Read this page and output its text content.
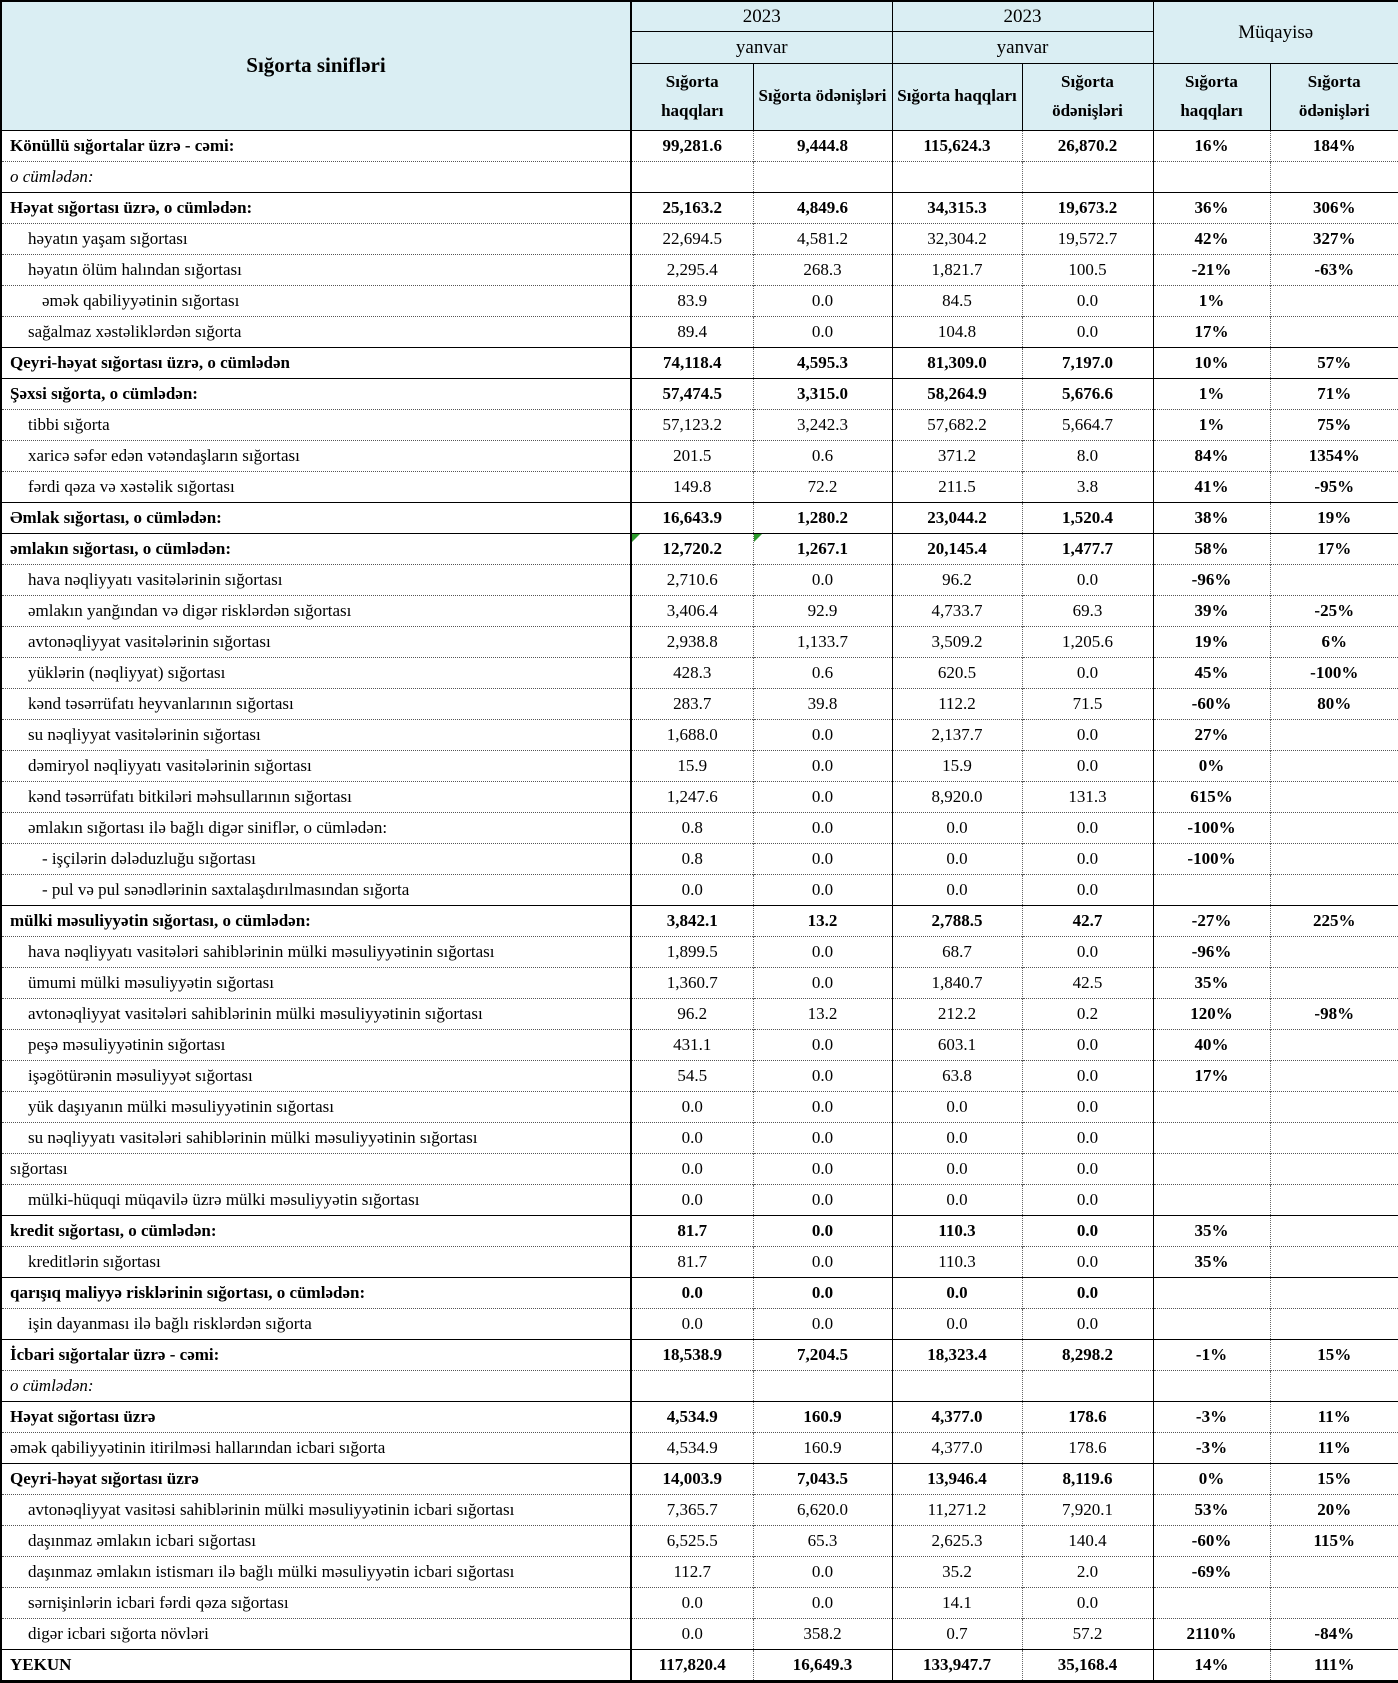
Sığorta sinifləri	2023		2023		Müqayisə	
	yanvar		yanvar			
	Sığorta haqqları	Sığorta ödənişləri	Sığorta haqqları	Sığorta ödənişləri	Sığorta haqqları	Sığorta ödənişləri
Könüllü sığortalar üzrə - cəmi:	99,281.6	9,444.8	115,624.3	26,870.2	16%	184%
o cümlədən:						
Həyat sığortası üzrə, o cümlədən:	25,163.2	4,849.6	34,315.3	19,673.2	36%	306%
həyatın yaşam sığortası	22,694.5	4,581.2	32,304.2	19,572.7	42%	327%
həyatın ölüm halından sığortası	2,295.4	268.3	1,821.7	100.5	-21%	-63%
əmək qabiliyyətinin sığortası	83.9	0.0	84.5	0.0	1%	
sağalmaz xəstəliklərdən sığorta	89.4	0.0	104.8	0.0	17%	
Qeyri-həyat sığortası üzrə, o cümlədən	74,118.4	4,595.3	81,309.0	7,197.0	10%	57%
Şəxsi sığorta, o cümlədən:	57,474.5	3,315.0	58,264.9	5,676.6	1%	71%
tibbi sığorta	57,123.2	3,242.3	57,682.2	5,664.7	1%	75%
xaricə səfər edən vətəndaşların sığortası	201.5	0.6	371.2	8.0	84%	1354%
fərdi qəza və xəstəlik sığortası	149.8	72.2	211.5	3.8	41%	-95%
Əmlak sığortası, o cümlədən:	16,643.9	1,280.2	23,044.2	1,520.4	38%	19%
əmlakın sığortası, o cümlədən:	12,720.2	1,267.1	20,145.4	1,477.7	58%	17%
hava nəqliyyatı vasitələrinin sığortası	2,710.6	0.0	96.2	0.0	-96%	
əmlakın yanğından və digər risklərdən sığortası	3,406.4	92.9	4,733.7	69.3	39%	-25%
avtonəqliyyat vasitələrinin sığortası	2,938.8	1,133.7	3,509.2	1,205.6	19%	6%
yüklərin (nəqliyyat) sığortası	428.3	0.6	620.5	0.0	45%	-100%
kənd təsərrüfatı heyvanlarının sığortası	283.7	39.8	112.2	71.5	-60%	80%
su nəqliyyat vasitələrinin sığortası	1,688.0	0.0	2,137.7	0.0	27%	
dəmiryol nəqliyyatı vasitələrinin sığortası	15.9	0.0	15.9	0.0	0%	
kənd təsərrüfatı bitkiləri məhsullarının sığortası	1,247.6	0.0	8,920.0	131.3	615%	
əmlakın sığortası ilə bağlı digər siniflər, o cümlədən:	0.8	0.0	0.0	0.0	-100%	
- işçilərin dələduzluğu sığortası	0.8	0.0	0.0	0.0	-100%	
- pul və pul sənədlərinin saxtalaşdırılmasından sığorta	0.0	0.0	0.0	0.0		
mülki məsuliyyətin sığortası, o cümlədən:	3,842.1	13.2	2,788.5	42.7	-27%	225%
hava nəqliyyatı vasitələri sahiblərinin mülki məsuliyyətinin sığortası	1,899.5	0.0	68.7	0.0	-96%	
ümumi mülki məsuliyyətin sığortası	1,360.7	0.0	1,840.7	42.5	35%	
avtonəqliyyat vasitələri sahiblərinin mülki məsuliyyətinin sığortası	96.2	13.2	212.2	0.2	120%	-98%
peşə məsuliyyətinin sığortası	431.1	0.0	603.1	0.0	40%	
işəgötürənin məsuliyyət sığortası	54.5	0.0	63.8	0.0	17%	
yük daşıyanın mülki məsuliyyətinin sığortası	0.0	0.0	0.0	0.0		
su nəqliyyatı vasitələri sahiblərinin mülki məsuliyyətinin sığortası	0.0	0.0	0.0	0.0		
sığortası	0.0	0.0	0.0	0.0		
mülki-hüquqi müqavilə üzrə mülki məsuliyyətin sığortası	0.0	0.0	0.0	0.0		
kredit sığortası, o cümlədən:	81.7	0.0	110.3	0.0	35%	
kreditlərin sığortası	81.7	0.0	110.3	0.0	35%	
qarışıq maliyyə risklərinin sığortası, o cümlədən:	0.0	0.0	0.0	0.0		
işin dayanması ilə bağlı risklərdən sığorta	0.0	0.0	0.0	0.0		
İcbari sığortalar üzrə - cəmi:	18,538.9	7,204.5	18,323.4	8,298.2	-1%	15%
o cümlədən:						
Həyat sığortası üzrə	4,534.9	160.9	4,377.0	178.6	-3%	11%
əmək qabiliyyətinin itirilməsi hallarından icbari sığorta	4,534.9	160.9	4,377.0	178.6	-3%	11%
Qeyri-həyat sığortası üzrə	14,003.9	7,043.5	13,946.4	8,119.6	0%	15%
avtonəqliyyat vasitəsi sahiblərinin mülki məsuliyyətinin icbari sığortası	7,365.7	6,620.0	11,271.2	7,920.1	53%	20%
daşınmaz əmlakın icbari sığortası	6,525.5	65.3	2,625.3	140.4	-60%	115%
daşınmaz əmlakın istismarı ilə bağlı mülki məsuliyyətin icbari sığortası	112.7	0.0	35.2	2.0	-69%	
sərnişinlərin icbari fərdi qəza sığortası	0.0	0.0	14.1	0.0		
digər icbari sığorta növləri	0.0	358.2	0.7	57.2	2110%	-84%
YEKUN	117,820.4	16,649.3	133,947.7	35,168.4	14%	111%
